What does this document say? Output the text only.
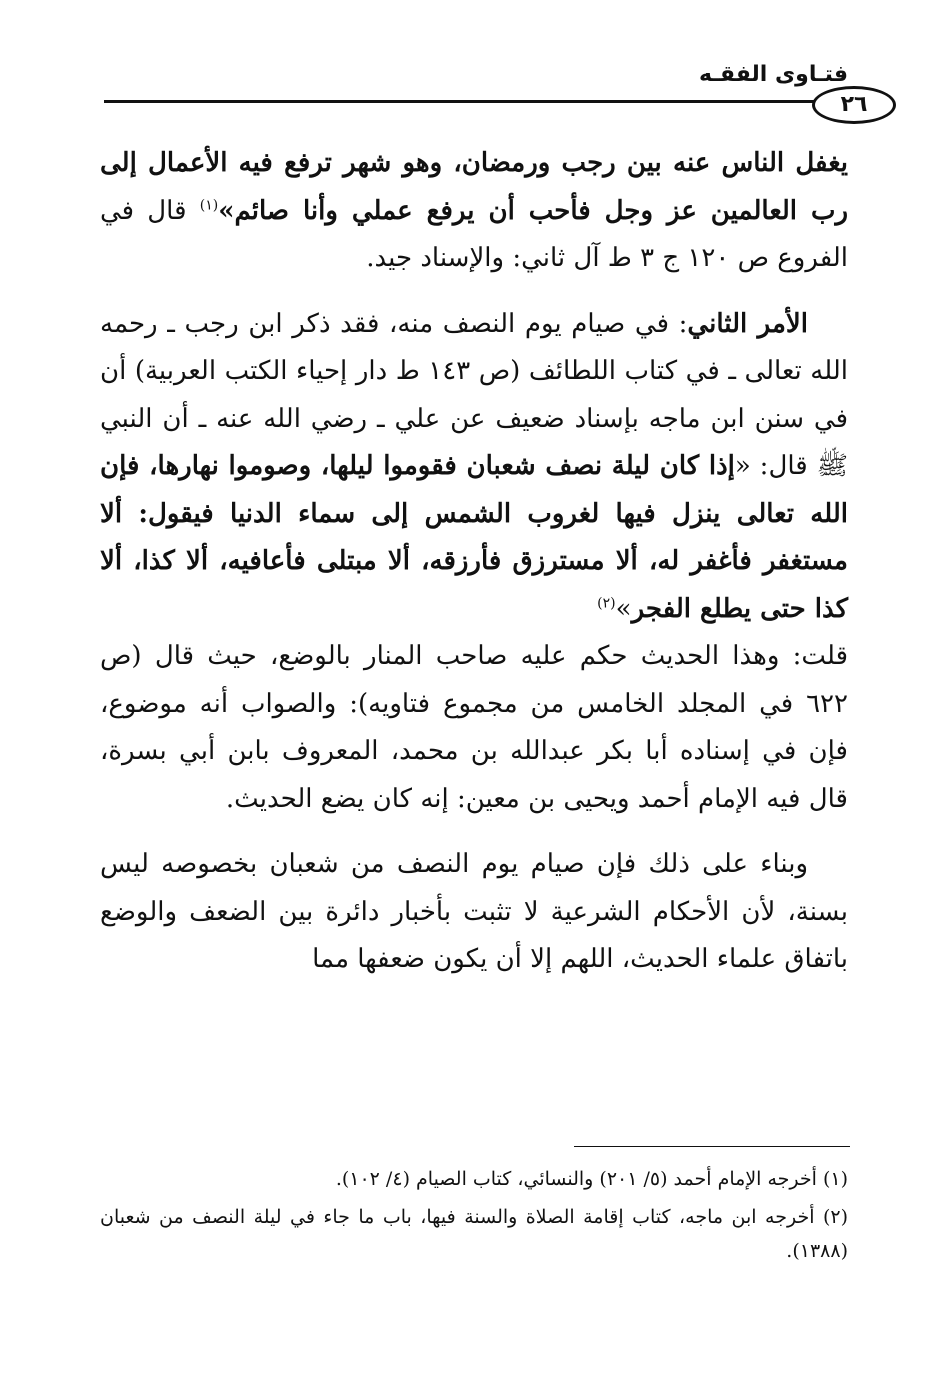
فتـاوى الفقـه
٢٦

يغفل الناس عنه بين رجب ورمضان، وهو شهر ترفع فيه الأعمال إلى رب العالمين عز وجل فأحب أن يرفع عملي وأنا صائم»$^{(١)}$ قال في الفروع ص ١٢٠ ج ٣ ط آل ثاني: والإسناد جيد.

الأمر الثاني: في صيام يوم النصف منه، فقد ذكر ابن رجب ـ رحمه الله تعالى ـ في كتاب اللطائف (ص ١٤٣ ط دار إحياء الكتب العربية) أن في سنن ابن ماجه بإسناد ضعيف عن علي ـ رضي الله عنه ـ أن النبي ﷺ قال: «إذا كان ليلة نصف شعبان فقوموا ليلها، وصوموا نهارها، فإن الله تعالى ينزل فيها لغروب الشمس إلى سماء الدنيا فيقول: ألا مستغفر فأغفر له، ألا مسترزق فأرزقه، ألا مبتلى فأعافيه، ألا كذا، ألا كذا حتى يطلع الفجر»$^{(٢)}$

قلت: وهذا الحديث حكم عليه صاحب المنار بالوضع، حيث قال (ص ٦٢٢ في المجلد الخامس من مجموع فتاويه): والصواب أنه موضوع، فإن في إسناده أبا بكر عبدالله بن محمد، المعروف بابن أبي بسرة، قال فيه الإمام أحمد ويحيى بن معين: إنه كان يضع الحديث.

وبناء على ذلك فإن صيام يوم النصف من شعبان بخصوصه ليس بسنة، لأن الأحكام الشرعية لا تثبت بأخبار دائرة بين الضعف والوضع باتفاق علماء الحديث، اللهم إلا أن يكون ضعفها مما

(١) أخرجه الإمام أحمد (٥/ ٢٠١) والنسائي، كتاب الصيام (٤/ ١٠٢).

(٢) أخرجه ابن ماجه، كتاب إقامة الصلاة والسنة فيها، باب ما جاء في ليلة النصف من شعبان (١٣٨٨).
